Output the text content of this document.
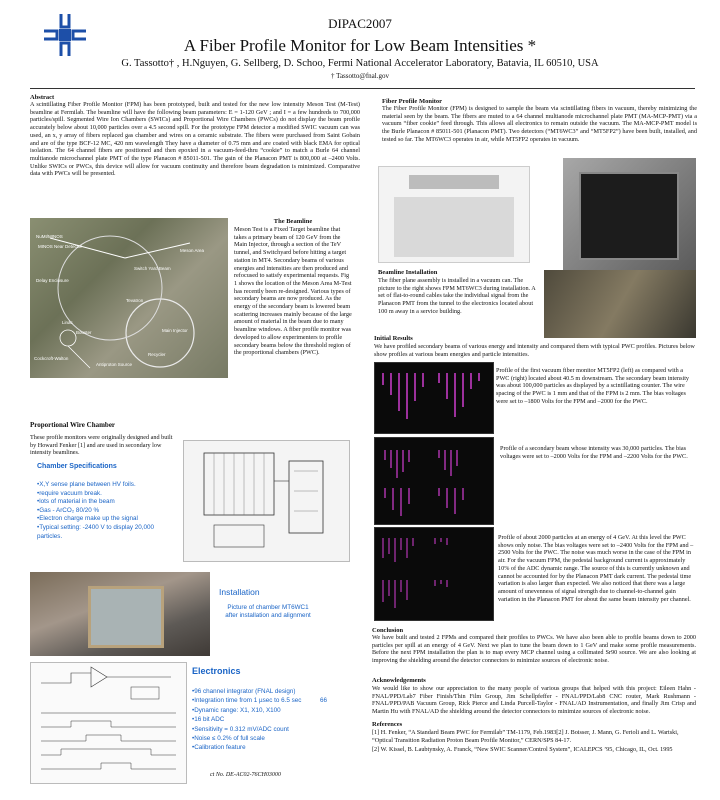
DIPAC2007
A Fiber Profile Monitor for Low Beam Intensities *
G. Tassotto† , H.Nguyen, G. Sellberg, D. Schoo, Fermi National Accelerator Laboratory, Batavia, IL 60510, USA
† Tassotto@fnal.gov
Abstract
A scintillating Fiber Profile Monitor (FPM) has been prototyped, built and tested for the new low intensity Meson Test (M-Test) beamline at Fermilab. The beamline will have the following beam parameters: E = 1-120 GeV ; and I = a few hundreds to 700,000 particles/spill. Segmented Wire Ion Chambers (SWICs) and Proportional Wire Chambers (PWCs) do not display the beam profile accurately below about 10,000 particles over a 4.5 second spill. For the prototype FPM detector a modified SWIC vacuum can was used, an x, y array of fibers replaced gas chamber and wires on a ceramic substrate. The fibers were purchased from Saint Gobain and are of the type BCF-12 MC, 420 nm wavelength They have a diameter of 0.75 mm and are coated with black EMA for optical isolation. The 64 channel fibers are positioned and then epoxied in a vacuum-feed-thru “cookie” to match a Burle 64 channel multianode microchannel plate PMT of the type Planacon # 85011-501. The gain of the Planacon PMT is 800,000 at –2400 Volts. Unlike SWICs or PWCs, this device will allow for vacuum continuity and therefore beam degradation is minimized. Comparative data with PWCs will be presented.
NuMI/MINOS
MINOS Near Detector
Switch Yard Beam
Main Injector
Recycler
Booster
Linac
Cockcroft-Walton
Antiproton Source
Tevatron
Delay Enclosure
Meson Area
The Beamline
Meson Test is a Fixed Target beamline that takes a primary beam of 120 GeV from the Main Injector, through a section of the TeV tunnel, and Switchyard before hitting a target station in MT4. Secondary beams of various energies and intensities are then produced and refocused to satisfy experimental requests. Fig 1 shows the location of the Meson Area M-Test has recently been re-designed. Various types of secondary beams are now produced. As the energy of the secondary beam is lowered beam scattering increases mainly because of the large amount of material in the beam due to many beamline windows. A fiber profile monitor was developed to allow experimenters to profile secondary beams below the threshold region of the proportional chambers (PWC).
Proportional Wire Chamber
These profile monitors were originally designed and built by Howard Fenker [1] and are used in secondary low intensity beamlines.
Chamber Specifications
•X,Y sense plane between HV foils.
•require vacuum break.
•lots of material in the beam
•Gas - ArCO₂ 80/20 %
•Electron charge make up the signal
•Typical setting: -2400 V to display 20,000 particles.
Installation
Picture of chamber MT6WC1
after installation and alignment
Electronics
•96 channel integrator (FNAL design)
•Integration time from 1 µsec to 6.5 sec
•Dynamic range: X1, X10, X100
•16 bit ADC
•Sensitivity = 0.312 mV/ADC count
•Noise ≤ 0.2% of full scale
•Calibration feature
66
ct No. DE-AC02-76CH03000
Fiber Profile Monitor
The Fiber Profile Monitor (FPM) is designed to sample the beam via scintillating fibers in vacuum, thereby minimizing the material seen by the beam. The fibers are muted to a 64 channel multianode microchannel plate PMT (MA-MCP-PMT) via a vacuum “fiber cookie” feed through. This allows all electronics to remain outside the vacuum. The MA-MCP-PMT model is the Burle Planacon # 85011-501 (Planacon PMT). Two detectors (“MT6WC3” and “MT5FP2”) have been built, installed, and tested so far. The MT6WC3 operates in air, while MT5FP2 operates in vacuum.
Beamline Installation
The fiber plane assembly is installed in a vacuum can. The picture to the right shows FPM MT6WC3 during installation. A set of flat-to-round cables take the individual signal from the Planacon PMT from the tunnel to the electronics located about 100 m away in a service building.
Initial Results
We have profiled secondary beams of various energy and intensity and compared them with typical PWC profiles. Pictures below show profiles at various beam energies and particle intensities.
Profile of the first vacuum fiber monitor MT5FP2 (left) as compared with a PWC (right) located about 40.5 m downstream. The secondary beam intensity was about 100,000 particles as displayed by a scintillating counter. The wire spacing of the PWC is 1 mm and that of the FPM is 2 mm. The bias voltages were set to –1800 Volts for the FPM and –2000 for the PWC.
Profile of a secondary beam whose intensity was 30,000 particles. The bias voltages were set to –2000 Volts for the FPM and –2200 Volts for the PWC.
Profile of about 2000 particles at an energy of 4 GeV. At this level the PWC shows only noise. The bias voltages were set to –2400 Volts for the FPM and –2500 Volts for the PWC. The noise was much worse in the case of the FPM in air. For the vacuum FPM, the pedestal background current is approximately 10% of the ADC dynamic range. The source of this is currently unknown and cannot be accounted for by the Planacon PMT dark current. The pedestal time variation is also larger than expected. We also noticed that there was a large amount of unevenness of signal strength due to channel-to-channel gain variation in the Planacon PMT for about the same beam intensity per channel.
Conclusion
We have built and tested 2 FPMs and compared their profiles to PWCs. We have also been able to profile beams down to 2000 particles per spill at an energy of 4 GeV. Next we plan to tune the beam down to 1 GeV and make some profile measurements. Before the next FPM installation the plan is to map every MCP channel using a collimated Sr90 source. We are also looking at improving the shielding around the detector connectors to minimize sources of electronic noise.
Acknowledgements
We would like to show our appreciation to the many people of various groups that helped with this project: Eileen Hahn - FNAL/PPD/Lab7 Fiber Finish/Thin Film Group, Jim Schellpfeffer - FNAL/PPD/Lab8 CNC router, Mark Rushmann - FNAL/PPD/PAB Vacuum Group, Rick Pierce and Linda Purcell-Taylor - FNAL/AD Instrumentation, and finally Jim Crisp and Martin Hu with FNAL/AD the shielding around the detector connectors to minimize sources of electronic noise.
References
[1] H. Fenker, “A Standard Beam PWC for Fermilab” TM-1179, Feb.1983[2] J. Boisser, J. Mann, G. Ferioli and L. Wartski, “Optical Transition Radiation Proton Beam Profile Monitor,” CERN/SPS 84-17.
[2] W. Kissel, B. Laubtynsky, A. Franck, “New SWIC Scanner/Control System”, ICALEPCS ’95, Chicago, IL, Oct. 1995
